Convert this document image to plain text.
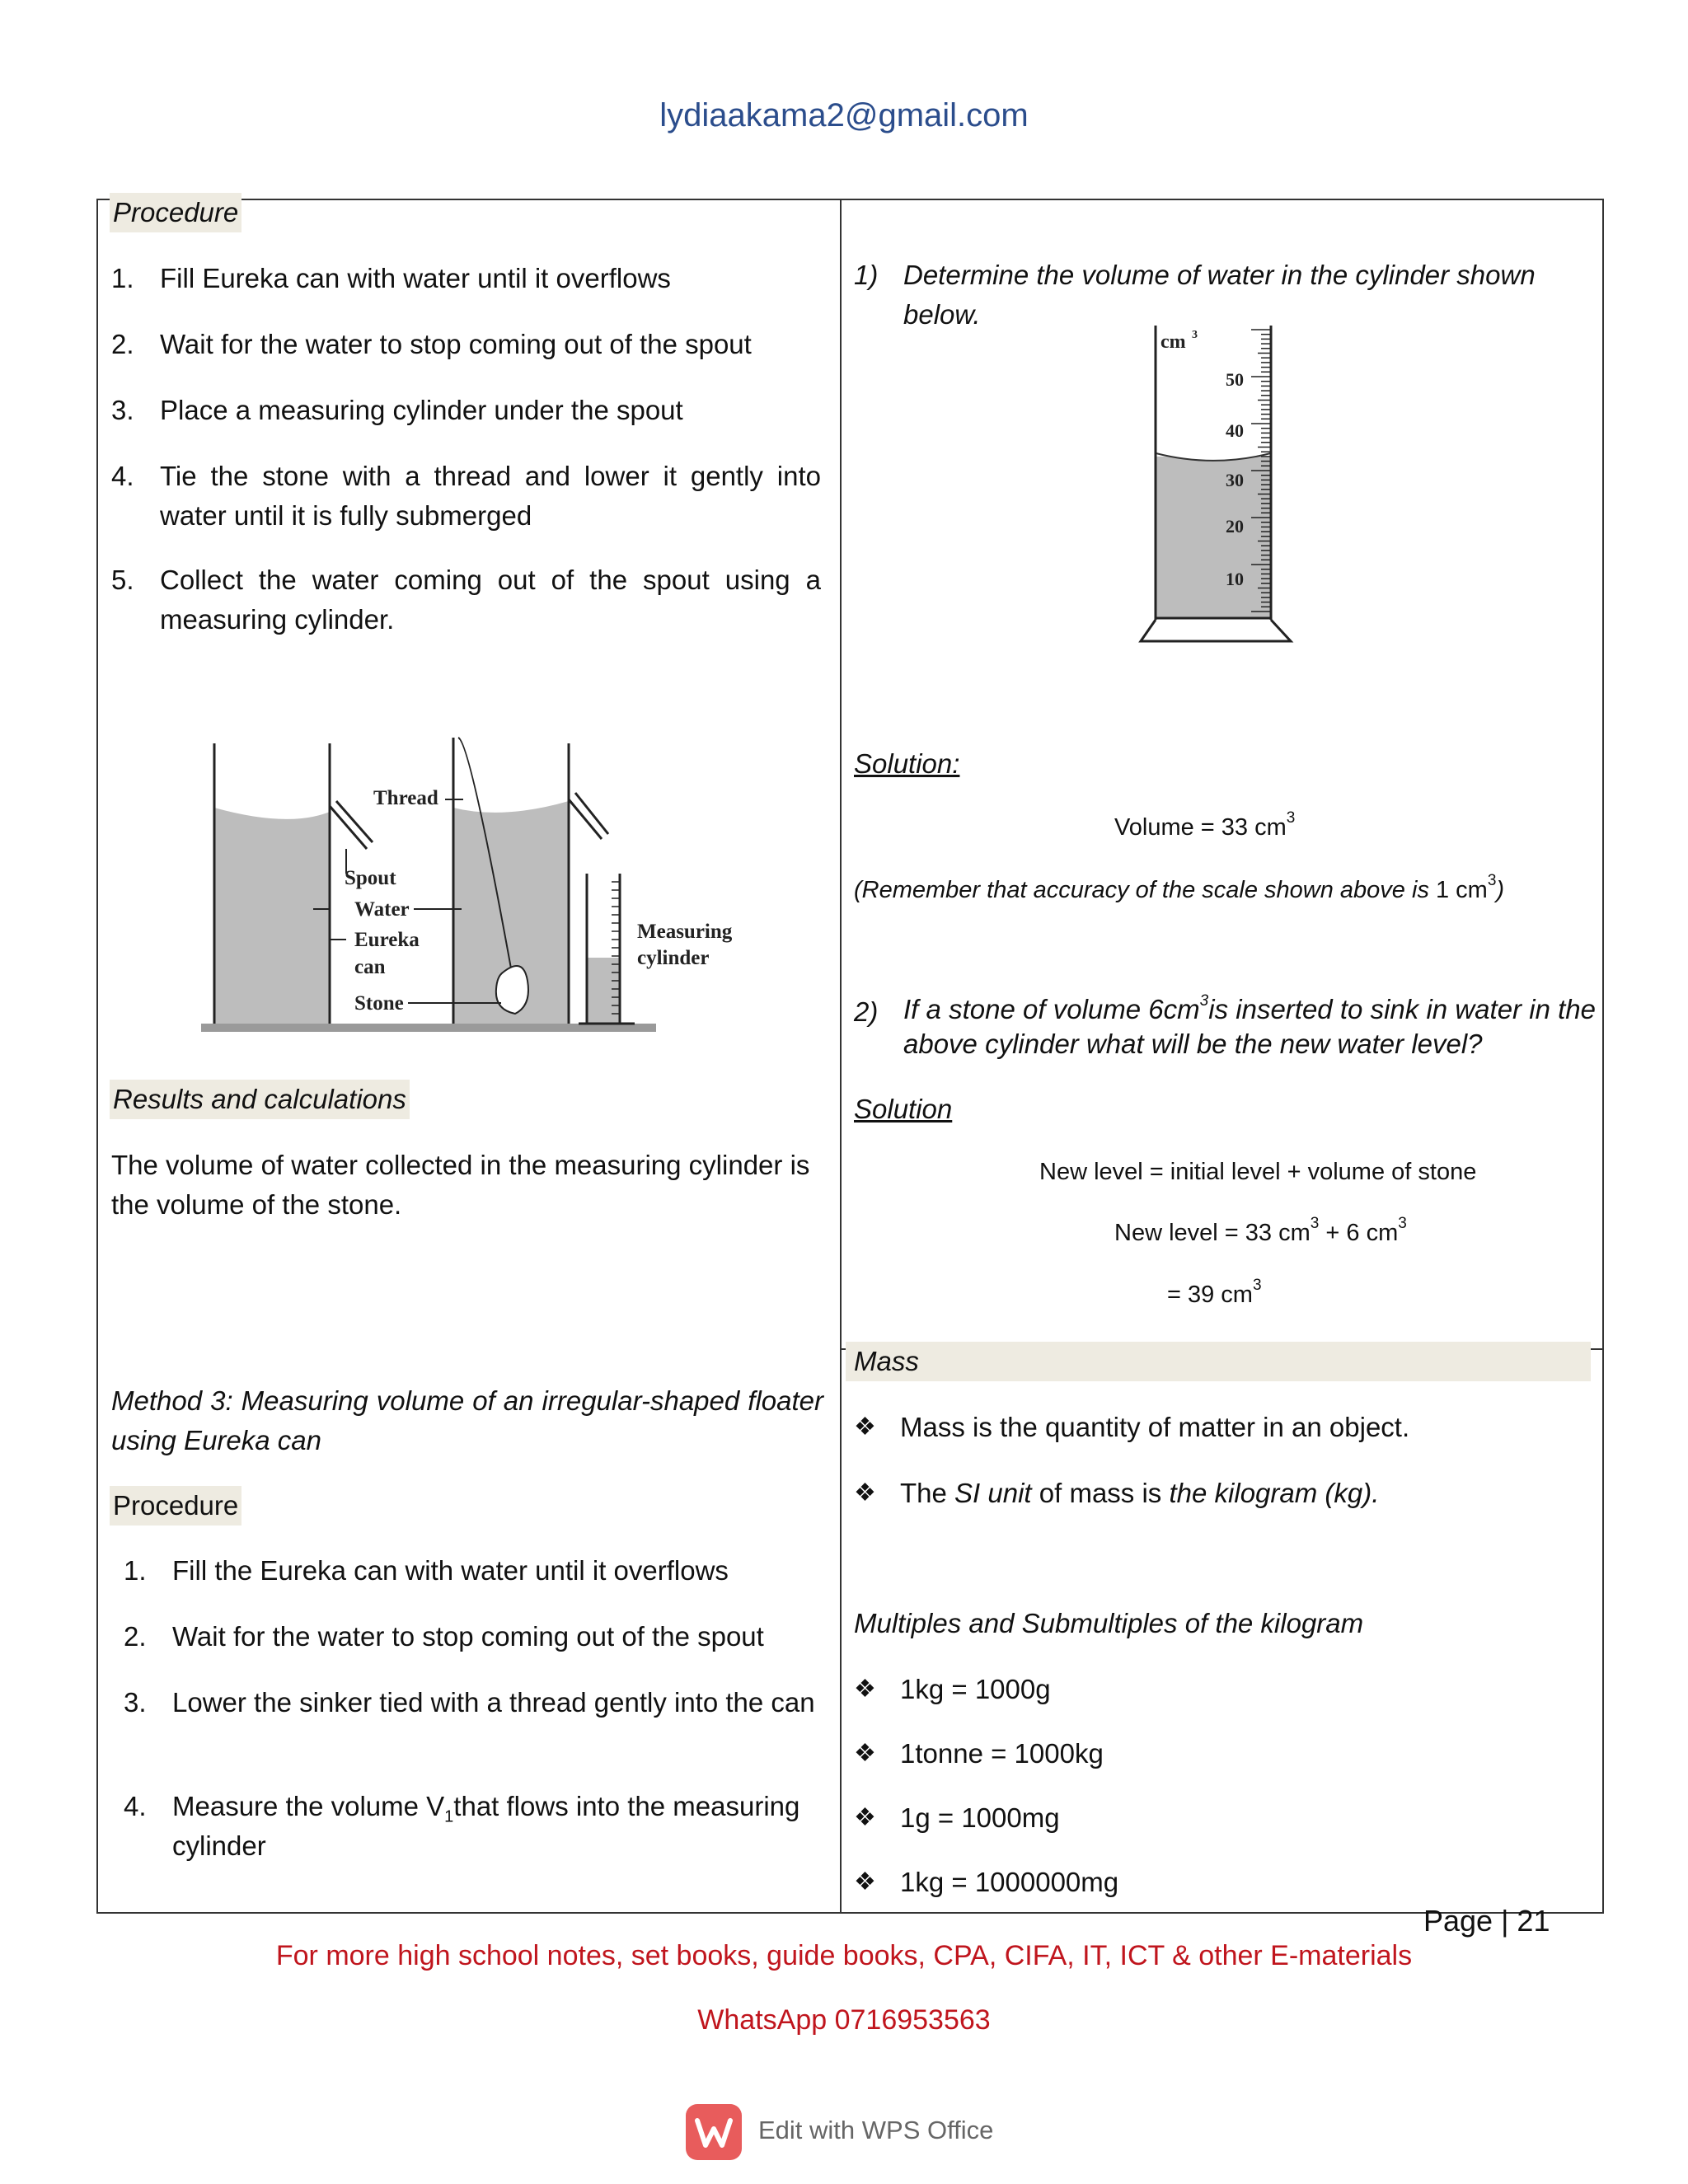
lydiaakama2@gmail.com
Procedure
1. Fill Eureka can with water until it overflows
2. Wait for the water to stop coming out of the spout
3. Place a measuring cylinder under the spout
4. Tie the stone with a thread and lower it gently into water until it is fully submerged
5. Collect the water coming out of the spout using a measuring cylinder.
Thread
Spout
Water
Eureka
can
Stone
Measuring
cylinder
Results and calculations
The volume of water collected in the measuring cylinder is the volume of the stone.
Method 3: Measuring volume of an irregular-shaped floater using Eureka can
Procedure
1. Fill the Eureka can with water until it overflows
2. Wait for the water to stop coming out of the spout
3. Lower the sinker tied with a thread gently into the can
4. Measure the volume $V_1that$ flows into the measuring cylinder
1) Determine the volume of water in the cylinder shown below.
cm 3
50
40
30
20
10
Solution:
Volume = 33 $cm^3$
(Remember that accuracy of the scale shown above is 1 $cm^3$)
2) If a stone of volume $6cm^3is$ inserted to sink in water in the above cylinder what will be the new water level?
Solution
New level = initial level + volume of stone
New level = 33 $cm^3 + 6$ $cm^3$
= 39 $cm^3$
Mass
❖ Mass is the quantity of matter in an object.
❖ The SI unit of mass is the kilogram (kg).
Multiples and Submultiples of the kilogram
❖ 1kg = 1000g
❖ 1tonne = 1000kg
❖ 1g = 1000mg
❖ 1kg = 1000000mg
Page | 21
For more high school notes, set books, guide books, CPA, CIFA, IT, ICT & other E-materials
WhatsApp 0716953563
Edit with WPS Office
